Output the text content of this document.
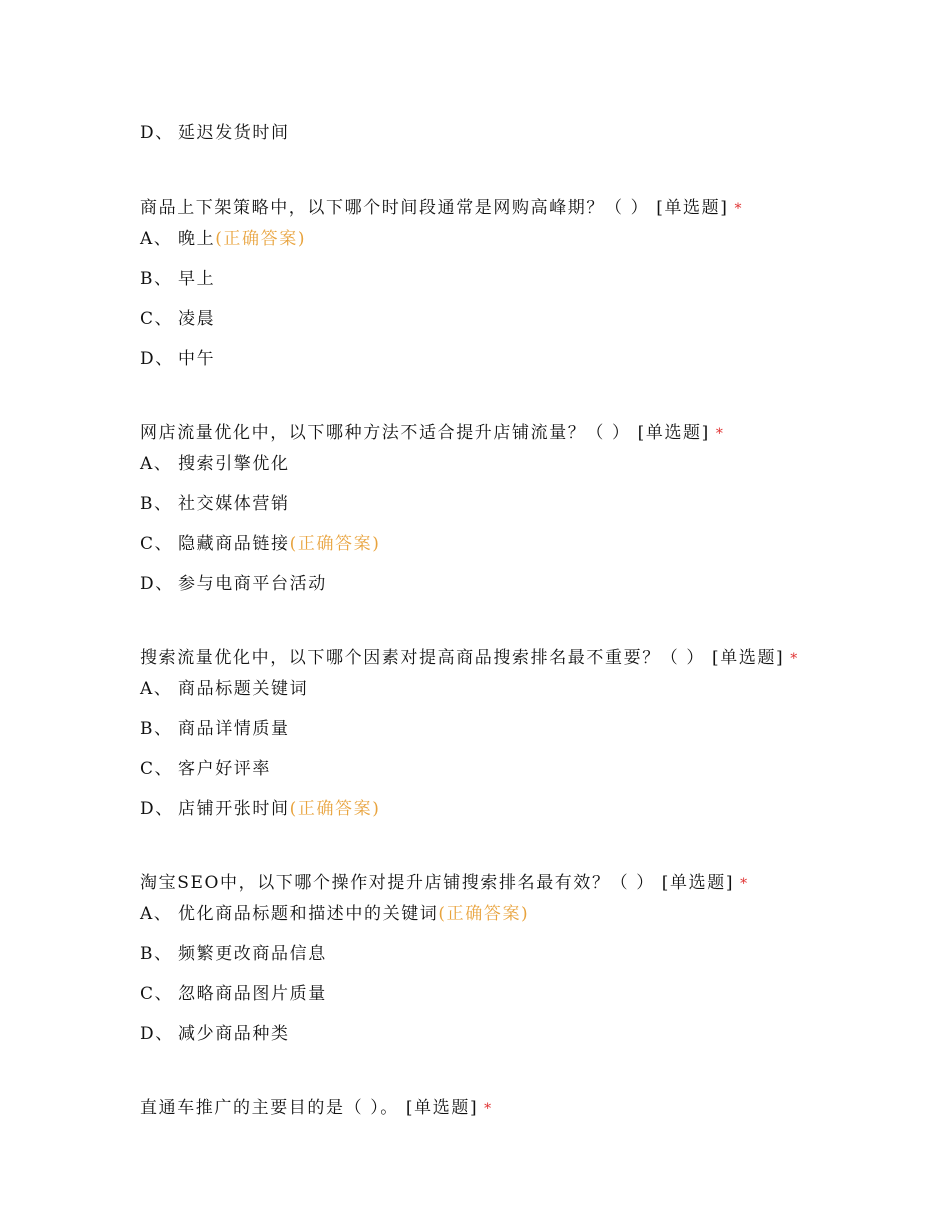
D、 延迟发货时间
商品上下架策略中，以下哪个时间段通常是网购高峰期？（ ） [单选题] *
A、 晚上(正确答案)
B、 早上
C、 凌晨
D、 中午
网店流量优化中，以下哪种方法不适合提升店铺流量？（ ） [单选题] *
A、 搜索引擎优化
B、 社交媒体营销
C、 隐藏商品链接(正确答案)
D、 参与电商平台活动
搜索流量优化中，以下哪个因素对提高商品搜索排名最不重要？（ ） [单选题] *
A、 商品标题关键词
B、 商品详情质量
C、 客户好评率
D、 店铺开张时间(正确答案)
淘宝SEO中，以下哪个操作对提升店铺搜索排名最有效？（ ） [单选题] *
A、 优化商品标题和描述中的关键词(正确答案)
B、 频繁更改商品信息
C、 忽略商品图片质量
D、 减少商品种类
直通车推广的主要目的是（ ）。 [单选题] *
